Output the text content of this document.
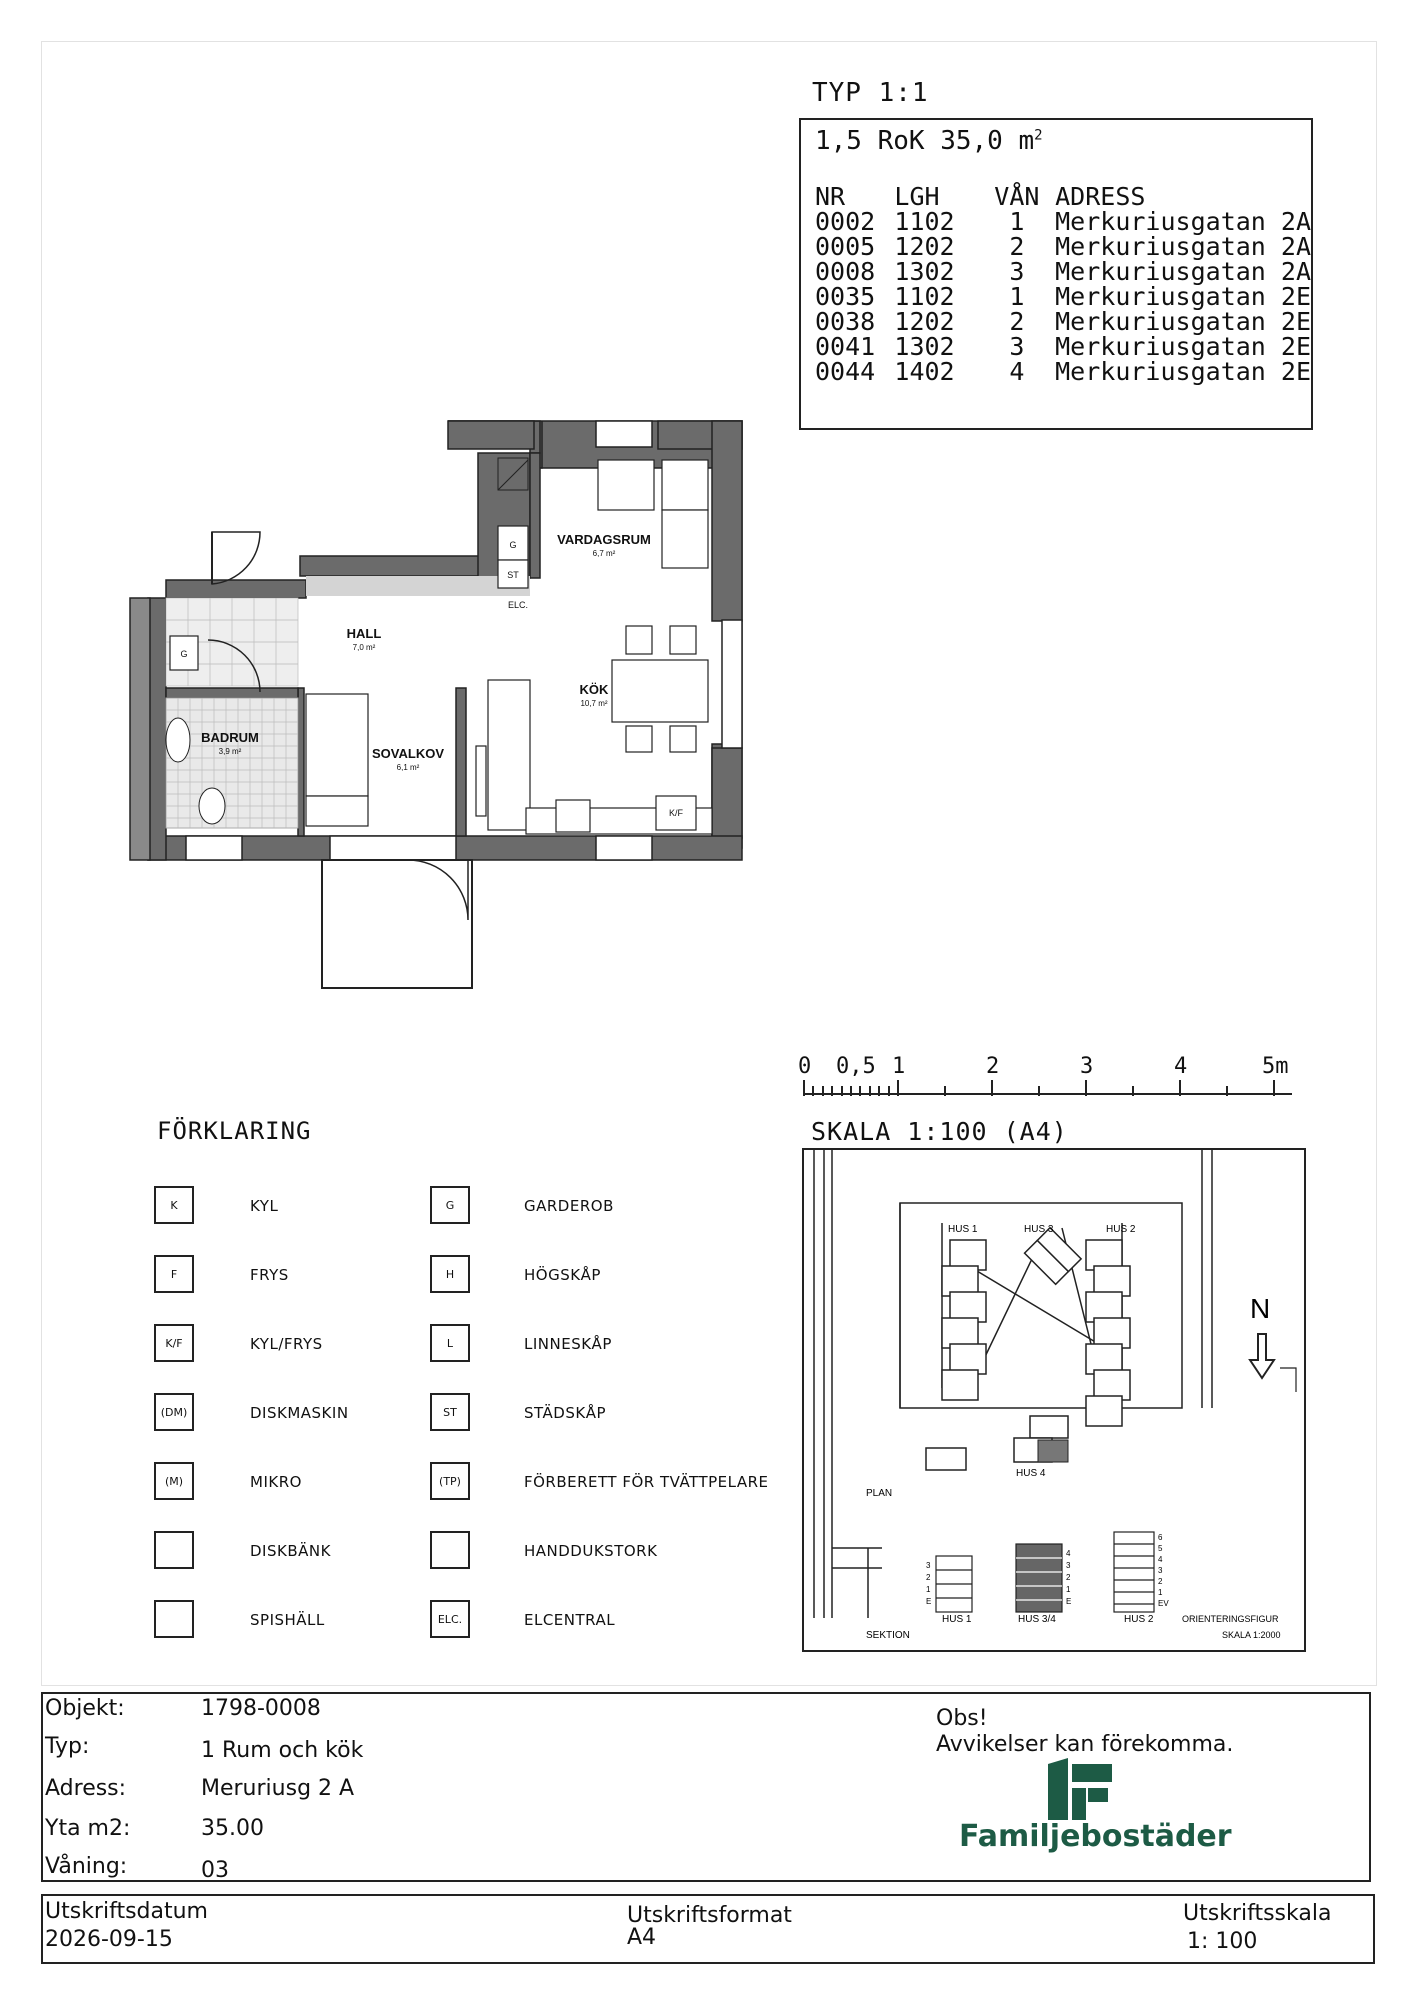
TYP 1:1
1,5 RoK 35,0 $m^2$
NR	LGH	VÅN	ADRESS
0002	1102	1	Merkuriusgatan 2A
0005	1202	2	Merkuriusgatan 2A
0008	1302	3	Merkuriusgatan 2A
0035	1102	1	Merkuriusgatan 2E
0038	1202	2	Merkuriusgatan 2E
0041	1302	3	Merkuriusgatan 2E
0044	1402	4	Merkuriusgatan 2E
VARDAGSRUM
6,7 m²
HALL
7,0 m²
KÖK
10,7 m²
BADRUM
3,9 m²	SOVALKOV
6,1 m²
G
ST
ELC.
G
K/F
0 0,5 1	2	3	4	5m
SKALA 1:100 (A4)
FÖRKLARING
K	KYL
F	FRYS
K/F	KYL/FRYS
(DM)	DISKMASKIN
(M)	MIKRO
DISKBÄNK
SPISHÄLL
G	GARDEROB
H	HÖGSKÅP
L	LINNESKÅP
ST	STÄDSKÅP
(TP)	FÖRBERETT FÖR TVÄTTPELARE
HANDDUKSTORK
ELC.	ELCENTRAL
N
HUS 1	HUS 3	HUS 2
HUS 4
PLAN
SEKTION
HUS 1	HUS 3/4	HUS 2	ORIENTERINGSFIGUR
SKALA 1:2000
3
2
1
E
4
3
2
1
E
6
5
4
3
2
1
EV
Objekt:	1798-0008
Typ:	1 Rum och kök
Adress:	Meruriusg 2 A
Yta m2:	35.00
Våning:	03
Obs!
Avvikelser kan förekomma.
Familjebostäder
Utskriftsdatum
2026-09-15
Utskriftsformat
A4
Utskriftsskala
1: 100
